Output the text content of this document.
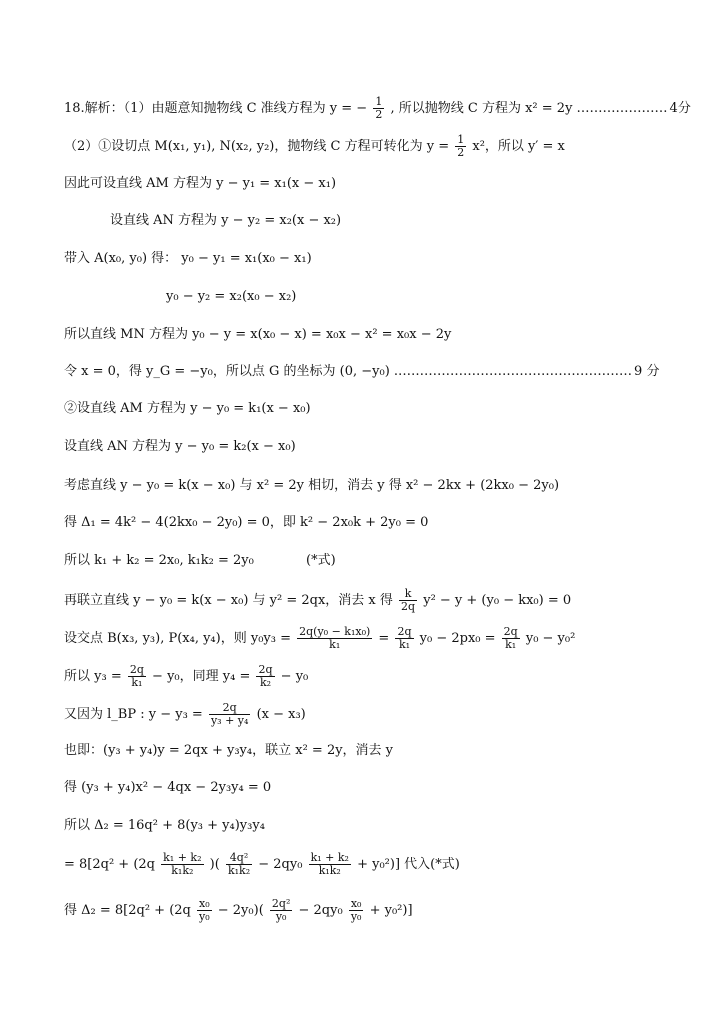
18.解析：（1）由题意知抛物线 C 准线方程为 y = − $\frac{1}{2}$ , 所以抛物线 C 方程为 x² = 2y ………………… 4分
（2）①设切点 M(x₁, y₁), N(x₂, y₂)，抛物线 C 方程可转化为 $y = \frac{1}{2} x^2$，所以 y′ = x
因此可设直线 AM 方程为 y − y₁ = x₁(x − x₁)
设直线 AN 方程为 y − y₂ = x₂(x − x₂)
带入 A(x₀, y₀) 得： y₀ − y₁ = x₁(x₀ − x₁)
y₀ − y₂ = x₂(x₀ − x₂)
所以直线 MN 方程为 y₀ − y = x(x₀ − x) = x₀x − x² = x₀x − 2y
令 x = 0，得 y_G = −y₀，所以点 G 的坐标为 (0, −y₀) .……………………………………………… 9 分
②设直线 AM 方程为 y − y₀ = k₁(x − x₀)
设直线 AN 方程为 y − y₀ = k₂(x − x₀)
考虑直线 y − y₀ = k(x − x₀) 与 x² = 2y 相切，消去 y 得 x² − 2kx + (2kx₀ − 2y₀)
得 Δ₁ = 4k² − 4(2kx₀ − 2y₀) = 0，即 k² − 2x₀k + 2y₀ = 0
所以 k₁ + k₂ = 2x₀, k₁k₂ = 2y₀	(*式)
再联立直线 y − y₀ = k(x − x₀) 与 y² = 2qx，消去 x 得 $\frac{k}{2q} y^2 - y + (y_0 - kx_0) = 0$
设交点 B(x₃, y₃), P(x₄, y₄)，则 $y_0y_3 = \frac{\text{2q(y₀ − k₁x₀)}}{\text{k₁}} = \frac{2q}{\text{k₁}} y_0 - 2px_0 = \frac{2q}{\text{k₁}} y_0 - y_0^2$
所以 $y_3 = \frac{2q}{\text{k₁}} - y_0$，同理 $y_4 = \frac{2q}{\text{k₂}} - y_0$
又因为 l_BP : $y - y_3 = \frac{2q}{\text{y₃ + y₄}} (x - x_3)$
也即：(y₃ + y₄)y = 2qx + y₃y₄，联立 x² = 2y，消去 y
得 (y₃ + y₄)x² − 4qx − 2y₃y₄ = 0
所以 Δ₂ = 16q² + 8(y₃ + y₄)y₃y₄
= $8[2q^2 + (2q \frac{\text{k₁ + k₂}}{\text{k₁k₂}}$ )( $\frac{\text{4q²}}{\text{k₁k₂}} - 2qy_0 \frac{\text{k₁ + k₂}}{\text{k₁k₂}} + y_0^2$)] 代入(*式)
得 $\Delta_2 = 8[2q^2 + (2q \frac{\text{x₀}}{\text{y₀}} - 2y_0)( \frac{\text{2q²}}{\text{y₀}} - 2qy_0 \frac{\text{x₀}}{\text{y₀}} + y_0^2)]$
